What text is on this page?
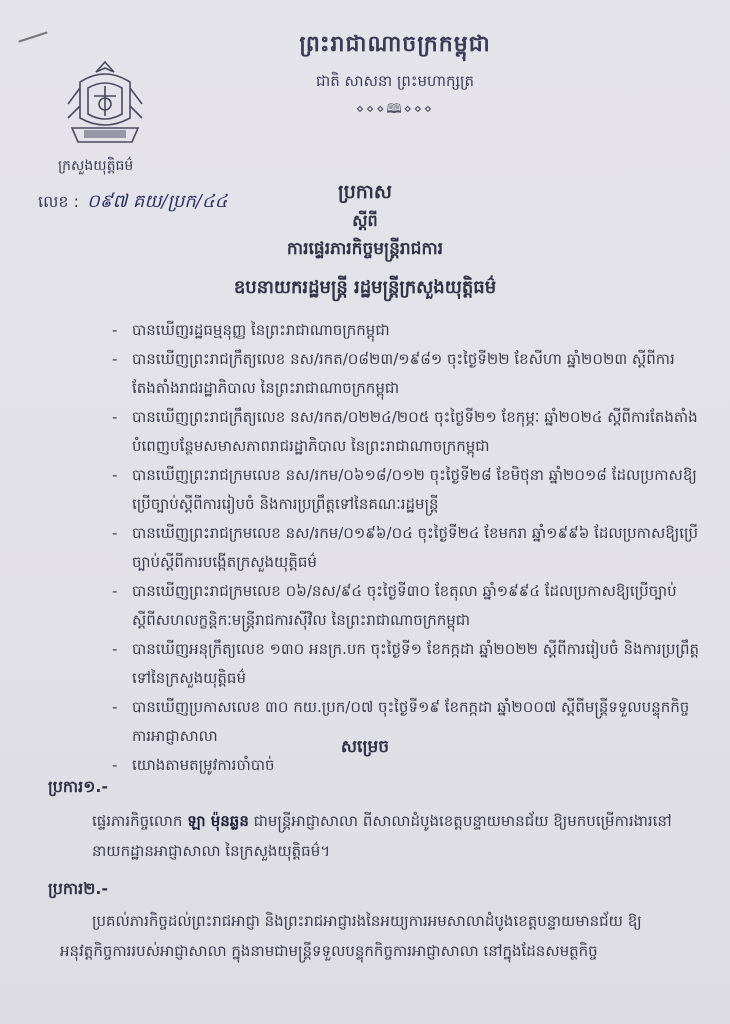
ព្រះរាជាណាចក្រកម្ពុជា
ជាតិ សាសនា ព្រះមហាក្សត្រ
⋄⋄⋄🕮⋄⋄⋄
ក្រសួងយុត្តិធម៌
លេខ : ០៩៧ គយ/ប្រក/៤៤	ប្រកាស
ស្តីពី
ការផ្ទេរភារកិច្ចមន្ត្រីរាជការ
ឧបនាយករដ្ឋមន្ត្រី រដ្ឋមន្ត្រីក្រសួងយុត្តិធម៌
- បានឃើញរដ្ឋធម្មនុញ្ញ នៃព្រះរាជាណាចក្រកម្ពុជា
- បានឃើញព្រះរាជក្រឹត្យលេខ នស/រកត/០៨២៣/១៩៨១ ចុះថ្ងៃទី២២ ខែសីហា ឆ្នាំ២០២៣ ស្តីពីការតែងតាំងរាជរដ្ឋាភិបាល នៃព្រះរាជាណាចក្រកម្ពុជា
- បានឃើញព្រះរាជក្រឹត្យលេខ នស/រកត/០២២៤/២០៥ ចុះថ្ងៃទី២១ ខែកុម្ភៈ ឆ្នាំ២០២៤ ស្តីពីការតែងតាំងបំពេញបន្ថែមសមាសភាពរាជរដ្ឋាភិបាល នៃព្រះរាជាណាចក្រកម្ពុជា
- បានឃើញព្រះរាជក្រមលេខ នស/រកម/០៦១៨/០១២ ចុះថ្ងៃទី២៨ ខែមិថុនា ឆ្នាំ២០១៨ ដែលប្រកាសឱ្យប្រើច្បាប់ស្តីពីការរៀបចំ និងការប្រព្រឹត្តទៅនៃគណៈរដ្ឋមន្ត្រី
- បានឃើញព្រះរាជក្រមលេខ នស/រកម/០១៩៦/០៤ ចុះថ្ងៃទី២៤ ខែមករា ឆ្នាំ១៩៩៦ ដែលប្រកាសឱ្យប្រើច្បាប់ស្តីពីការបង្កើតក្រសួងយុត្តិធម៌
- បានឃើញព្រះរាជក្រមលេខ ០៦/នស/៩៤ ចុះថ្ងៃទី៣០ ខែតុលា ឆ្នាំ១៩៩៤ ដែលប្រកាសឱ្យប្រើច្បាប់ស្តីពីសហលក្ខន្តិកៈមន្ត្រីរាជការស៊ីវិល នៃព្រះរាជាណាចក្រកម្ពុជា
- បានឃើញអនុក្រឹត្យលេខ ១៣០ អនក្រ.បក ចុះថ្ងៃទី១ ខែកក្កដា ឆ្នាំ២០២២ ស្តីពីការរៀបចំ និងការប្រព្រឹត្តទៅនៃក្រសួងយុត្តិធម៌
- បានឃើញប្រកាសលេខ ៣០ កយ.ប្រក/០៧ ចុះថ្ងៃទី១៩ ខែកក្កដា ឆ្នាំ២០០៧ ស្តីពីមន្ត្រីទទួលបន្ទុកកិច្ចការអាជ្ញាសាលា
- យោងតាមតម្រូវការចាំបាច់
សម្រេច
ប្រការ១.-
ផ្ទេរភារកិច្ចលោក ឡា ម៉ុនឆ្លន ជាមន្ត្រីអាជ្ញាសាលា ពីសាលាដំបូងខេត្តបន្ទាយមានជ័យ ឱ្យមកបម្រើការងារនៅនាយកដ្ឋានអាជ្ញាសាលា នៃក្រសួងយុត្តិធម៌។
ប្រការ២.-
ប្រគល់ភារកិច្ចដល់ព្រះរាជអាជ្ញា និងព្រះរាជអាជ្ញារងនៃអយ្យការអមសាលាដំបូងខេត្តបន្ទាយមានជ័យ ឱ្យអនុវត្តកិច្ចការរបស់អាជ្ញាសាលា ក្នុងនាមជាមន្ត្រីទទួលបន្ទុកកិច្ចការអាជ្ញាសាលា នៅក្នុងដែនសមត្ថកិច្ច
